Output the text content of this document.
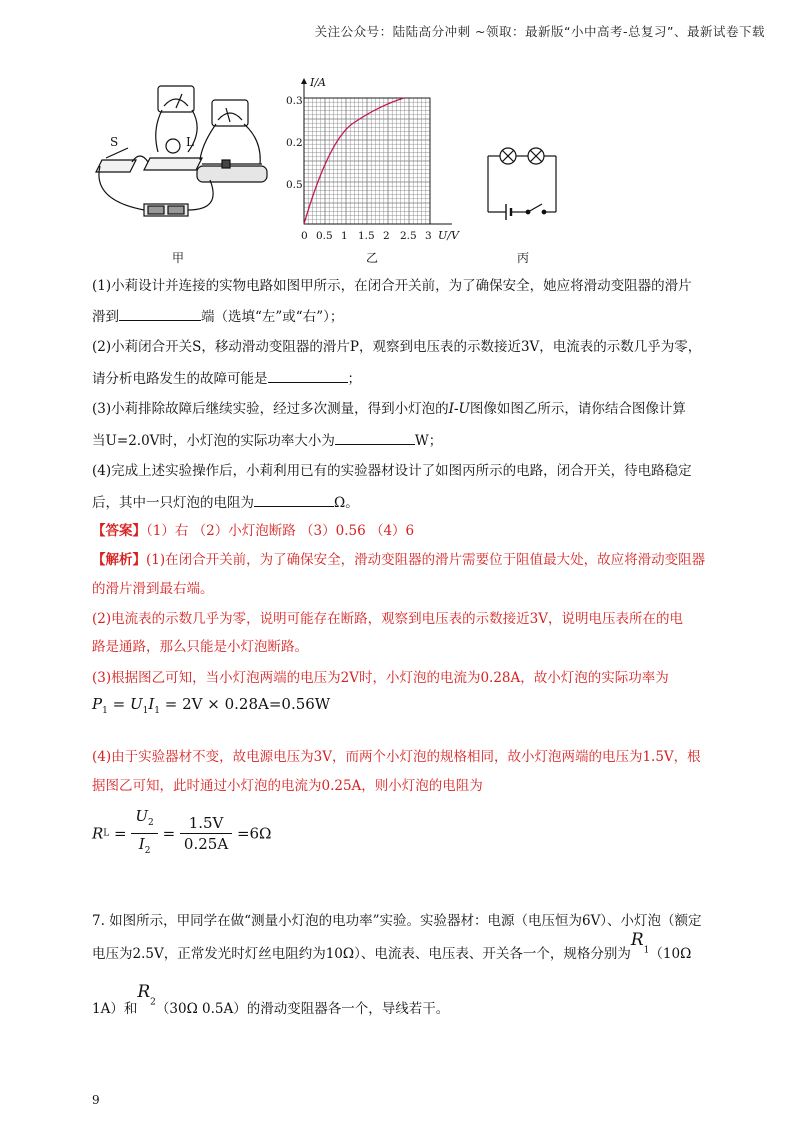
关注公众号：陆陆高分冲刺 ~领取：最新版“小中高考-总复习”、最新试卷下载
S	L
甲
I/A
0.3
0.2
0.5
0 0.5 1 1.5 2 2.5 3 U/V
乙	丙
(1)小莉设计并连接的实物电路如图甲所示，在闭合开关前，为了确保安全，她应将滑动变阻器的滑片
滑到	端（选填“左”或“右”）；
(2)小莉闭合开关S，移动滑动变阻器的滑片P，观察到电压表的示数接近3V，电流表的示数几乎为零，
请分析电路发生的故障可能是	；
(3)小莉排除故障后继续实验，经过多次测量，得到小灯泡的I-U图像如图乙所示，请你结合图像计算
当U=2.0V时，小灯泡的实际功率大小为	W；
(4)完成上述实验操作后，小莉利用已有的实验器材设计了如图丙所示的电路，闭合开关，待电路稳定
后，其中一只灯泡的电阻为	Ω。
【答案】（1）右 （2）小灯泡断路 （3）0.56 （4）6
【解析】(1)在闭合开关前，为了确保安全，滑动变阻器的滑片需要位于阻值最大处，故应将滑动变阻器
的滑片滑到最右端。
(2)电流表的示数几乎为零，说明可能存在断路，观察到电压表的示数接近3V，说明电压表所在的电
路是通路，那么只能是小灯泡断路。
(3)根据图乙可知，当小灯泡两端的电压为2V时，小灯泡的电流为0.28A，故小灯泡的实际功率为
$P_1 = U_1I_1 = 2V \times 0.28A=0.56W$
(4)由于实验器材不变，故电源电压为3V，而两个小灯泡的规格相同，故小灯泡两端的电压为1.5V，根
据图乙可知，此时通过小灯泡的电流为0.25A，则小灯泡的电阻为
RL = $\frac{U_2}{I_2} = \frac{1.5V}{0.25A} =6\Omega$
7. 如图所示，甲同学在做“测量小灯泡的电功率”实验。实验器材：电源（电压恒为6V）、小灯泡（额定
电压为2.5V，正常发光时灯丝电阻约为10Ω）、电流表、电压表、开关各一个，规格分别为$R_1(10\Omega$
1A）和$R_2(30\Omega$ 0.5A）的滑动变阻器各一个，导线若干。
9
